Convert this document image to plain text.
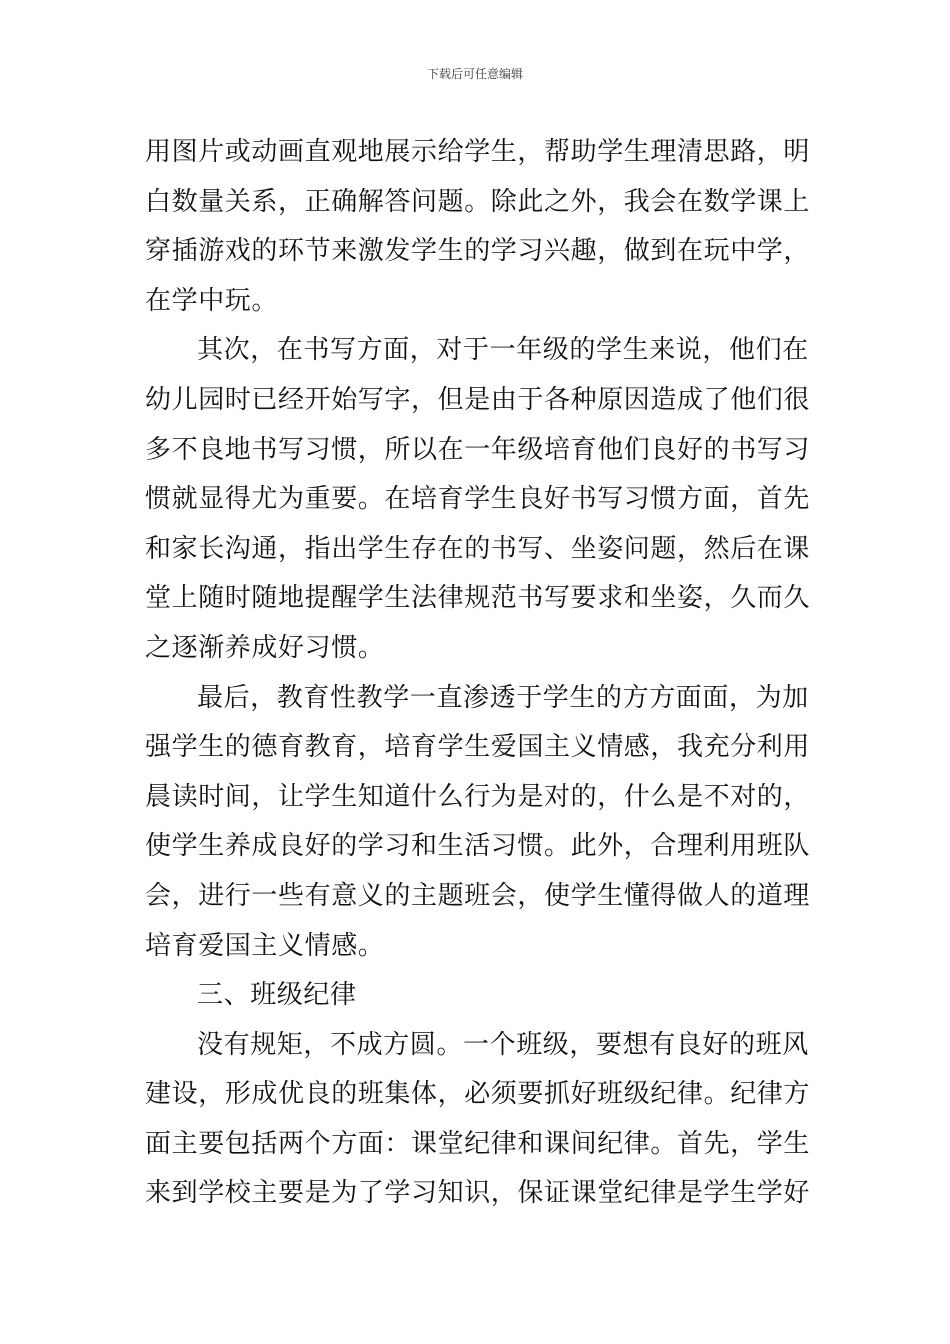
下载后可任意编辑
用图片或动画直观地展示给学生，帮助学生理清思路，明
白数量关系，正确解答问题。除此之外，我会在数学课上
穿插游戏的环节来激发学生的学习兴趣，做到在玩中学，
在学中玩。
其次，在书写方面，对于一年级的学生来说，他们在
幼儿园时已经开始写字，但是由于各种原因造成了他们很
多不良地书写习惯，所以在一年级培育他们良好的书写习
惯就显得尤为重要。在培育学生良好书写习惯方面，首先
和家长沟通，指出学生存在的书写、坐姿问题，然后在课
堂上随时随地提醒学生法律规范书写要求和坐姿，久而久
之逐渐养成好习惯。
最后，教育性教学一直渗透于学生的方方面面，为加
强学生的德育教育，培育学生爱国主义情感，我充分利用
晨读时间，让学生知道什么行为是对的，什么是不对的，
使学生养成良好的学习和生活习惯。此外，合理利用班队
会，进行一些有意义的主题班会，使学生懂得做人的道理
培育爱国主义情感。
三、班级纪律
没有规矩，不成方圆。一个班级，要想有良好的班风
建设，形成优良的班集体，必须要抓好班级纪律。纪律方
面主要包括两个方面：课堂纪律和课间纪律。首先，学生
来到学校主要是为了学习知识，保证课堂纪律是学生学好
